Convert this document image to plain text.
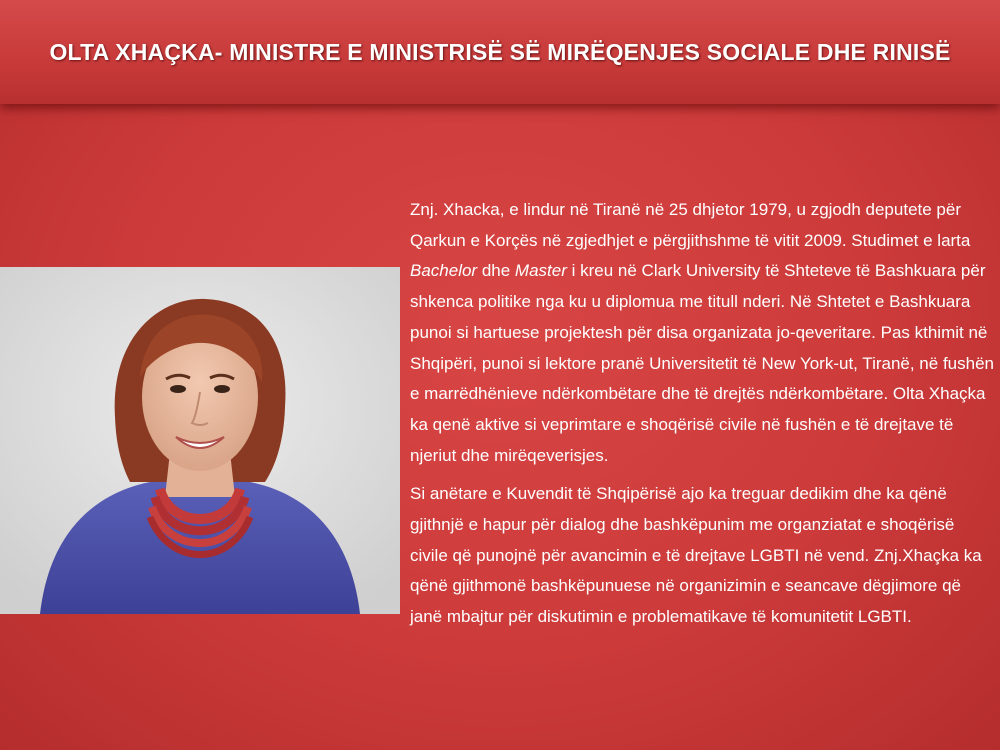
OLTA XHAÇKA- MINISTRE E MINISTRISË SË MIRËQENJES SOCIALE DHE RINISË

Znj. Xhacka, e lindur në Tiranë në 25 dhjetor 1979, u zgjodh deputete për Qarkun e Korçës në zgjedhjet e përgjithshme të vitit 2009. Studimet e larta Bachelor dhe Master i kreu në Clark University të Shteteve të Bashkuara për shkenca politike nga ku u diplomua me titull nderi. Në Shtetet e Bashkuara punoi si hartuese projektesh për disa organizata jo-qeveritare. Pas kthimit në Shqipëri, punoi si lektore pranë Universitetit të New York-ut, Tiranë, në fushën e marrëdhënieve ndërkombëtare dhe të drejtës ndërkombëtare. Olta Xhaçka ka qenë aktive si veprimtare e shoqërisë civile në fushën e të drejtave të njeriut dhe mirëqeverisjes.

Si anëtare e Kuvendit të Shqipërisë ajo ka treguar dedikim dhe ka qënë gjithnjë e hapur për dialog dhe bashkëpunim me organziatat e shoqërisë civile që punojnë për avancimin e të drejtave LGBTI në vend. Znj.Xhaçka ka qënë gjithmonë bashkëpunuese në organizimin e seancave dëgjimore që janë mbajtur për diskutimin e problematikave të komunitetit LGBTI.
